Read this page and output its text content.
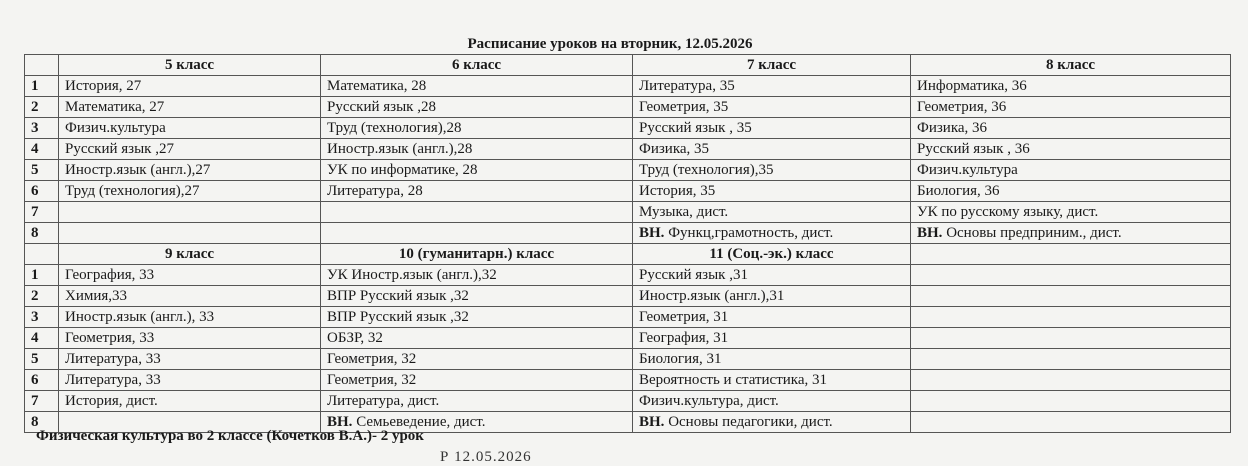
Расписание уроков на вторник, 12.05.2026
	5 класс	6 класс	7 класс	8 класс
1	История, 27	Математика, 28	Литература, 35	Информатика, 36
2	Математика, 27	Русский язык ,28	Геометрия, 35	Геометрия, 36
3	Физич.культура	Труд (технология),28	Русский язык , 35	Физика, 36
4	Русский язык ,27	Иностр.язык (англ.),28	Физика, 35	Русский язык , 36
5	Иностр.язык (англ.),27	УК по информатике, 28	Труд (технология),35	Физич.культура
6	Труд (технология),27	Литература, 28	История, 35	Биология, 36
7			Музыка, дист.	УК по русскому языку, дист.
8			ВН. Функц,грамотность, дист.	ВН. Основы предприним., дист.
	9 класс	10 (гуманитарн.) класс	11 (Соц.-эк.) класс	
1	География, 33	УК Иностр.язык (англ.),32	Русский язык ,31	
2	Химия,33	ВПР Русский язык ,32	Иностр.язык (англ.),31	
3	Иностр.язык (англ.), 33	ВПР Русский язык ,32	Геометрия, 31	
4	Геометрия, 33	ОБЗР, 32	География, 31	
5	Литература, 33	Геометрия, 32	Биология, 31	
6	Литература, 33	Геометрия, 32	Вероятность и статистика, 31	
7	История, дист.	Литература, дист.	Физич.культура, дист.	
8		ВН. Семьеведение, дист.	ВН. Основы педагогики, дист.	
Физическая культура во 2 классе (Кочетков В.А.)- 2 урок
Р 12.05.2026
